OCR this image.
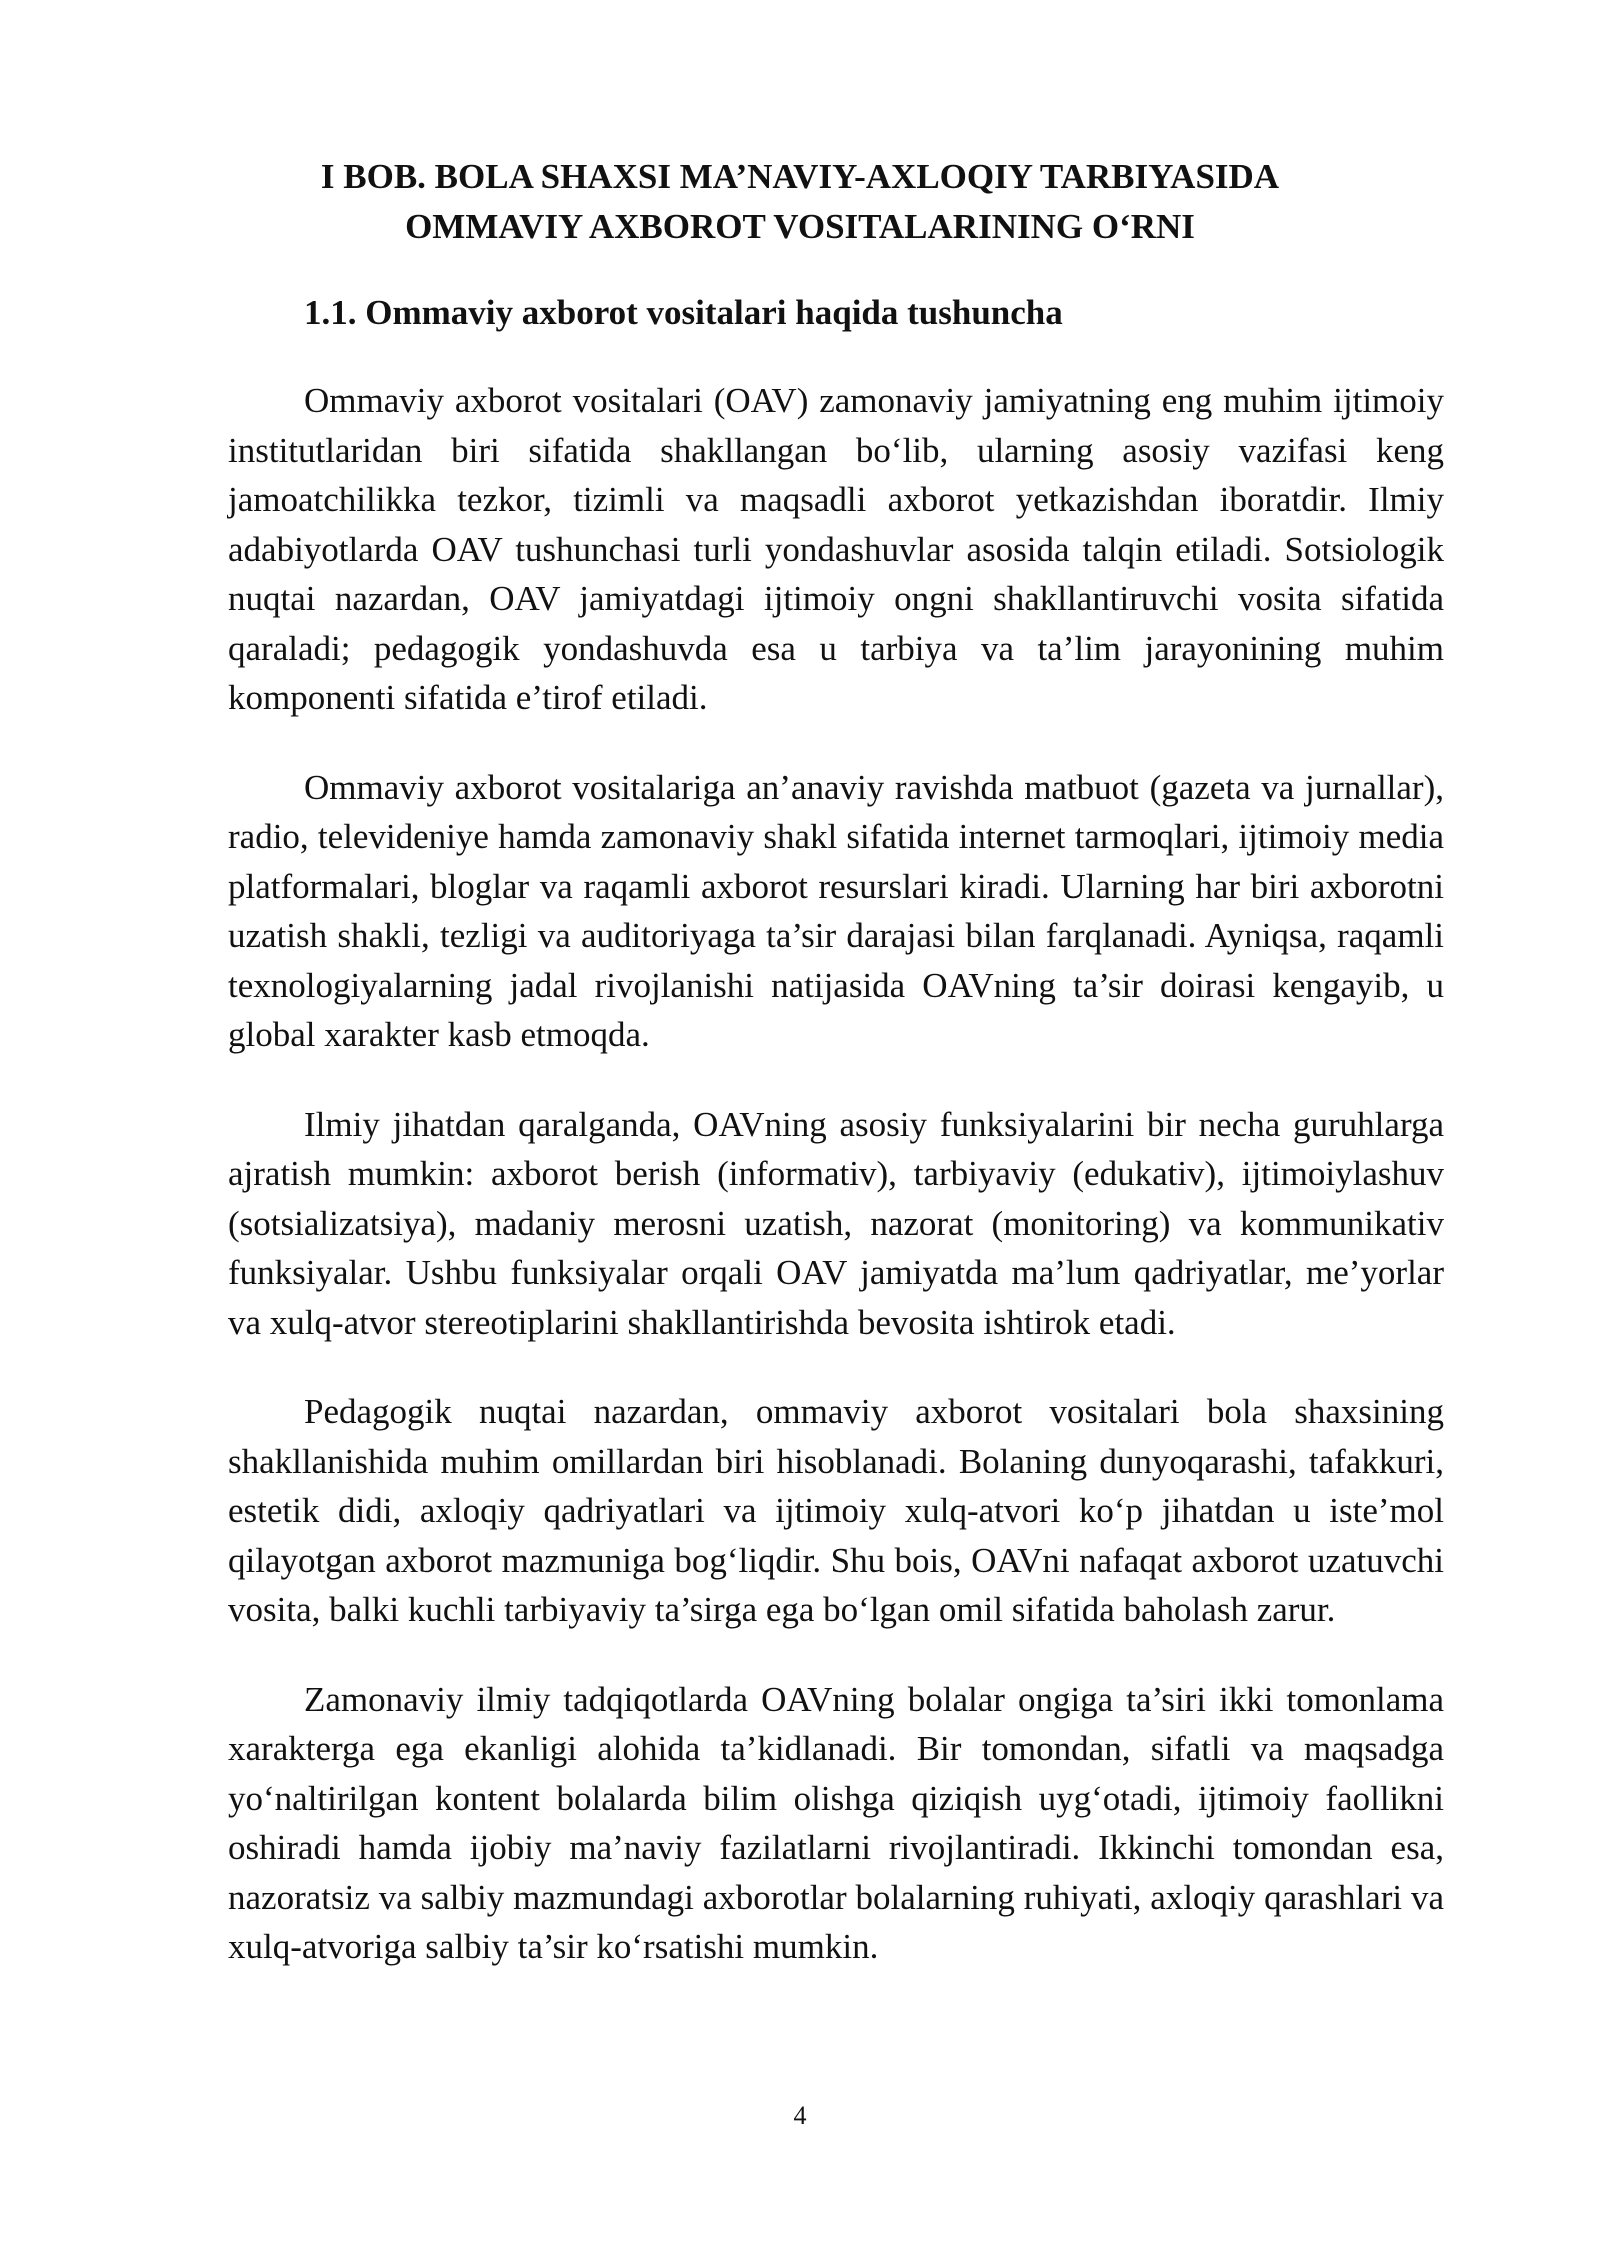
I BOB. BOLA SHAXSI MA’NAVIY-AXLOQIY TARBIYASIDA
OMMAVIY AXBOROT VOSITALARINING O‘RNI
1.1. Ommaviy axborot vositalari haqida tushuncha

Ommaviy axborot vositalari (OAV) zamonaviy jamiyatning eng muhim ijtimoiy institutlaridan biri sifatida shakllangan bo‘lib, ularning asosiy vazifasi keng jamoatchilikka tezkor, tizimli va maqsadli axborot yetkazishdan iboratdir. Ilmiy adabiyotlarda OAV tushunchasi turli yondashuvlar asosida talqin etiladi. Sotsiologik nuqtai nazardan, OAV jamiyatdagi ijtimoiy ongni shakllantiruvchi vosita sifatida qaraladi; pedagogik yondashuvda esa u tarbiya va ta’lim jarayonining muhim komponenti sifatida e’tirof etiladi.

Ommaviy axborot vositalariga an’anaviy ravishda matbuot (gazeta va jurnallar), radio, televideniye hamda zamonaviy shakl sifatida internet tarmoqlari, ijtimoiy media platformalari, bloglar va raqamli axborot resurslari kiradi. Ularning har biri axborotni uzatish shakli, tezligi va auditoriyaga ta’sir darajasi bilan farqlanadi. Ayniqsa, raqamli texnologiyalarning jadal rivojlanishi natijasida OAVning ta’sir doirasi kengayib, u global xarakter kasb etmoqda.

Ilmiy jihatdan qaralganda, OAVning asosiy funksiyalarini bir necha guruhlarga ajratish mumkin: axborot berish (informativ), tarbiyaviy (edukativ), ijtimoiylashuv (sotsializatsiya), madaniy merosni uzatish, nazorat (monitoring) va kommunikativ funksiyalar. Ushbu funksiyalar orqali OAV jamiyatda ma’lum qadriyatlar, me’yorlar va xulq-atvor stereotiplarini shakllantirishda bevosita ishtirok etadi.

Pedagogik nuqtai nazardan, ommaviy axborot vositalari bola shaxsining shakllanishida muhim omillardan biri hisoblanadi. Bolaning dunyoqarashi, tafakkuri, estetik didi, axloqiy qadriyatlari va ijtimoiy xulq-atvori ko‘p jihatdan u iste’mol qilayotgan axborot mazmuniga bog‘liqdir. Shu bois, OAVni nafaqat axborot uzatuvchi vosita, balki kuchli tarbiyaviy ta’sirga ega bo‘lgan omil sifatida baholash zarur.

Zamonaviy ilmiy tadqiqotlarda OAVning bolalar ongiga ta’siri ikki tomonlama xarakterga ega ekanligi alohida ta’kidlanadi. Bir tomondan, sifatli va maqsadga yo‘naltirilgan kontent bolalarda bilim olishga qiziqish uyg‘otadi, ijtimoiy faollikni oshiradi hamda ijobiy ma’naviy fazilatlarni rivojlantiradi. Ikkinchi tomondan esa, nazoratsiz va salbiy mazmundagi axborotlar bolalarning ruhiyati, axloqiy qarashlari va xulq-atvoriga salbiy ta’sir ko‘rsatishi mumkin.

4
